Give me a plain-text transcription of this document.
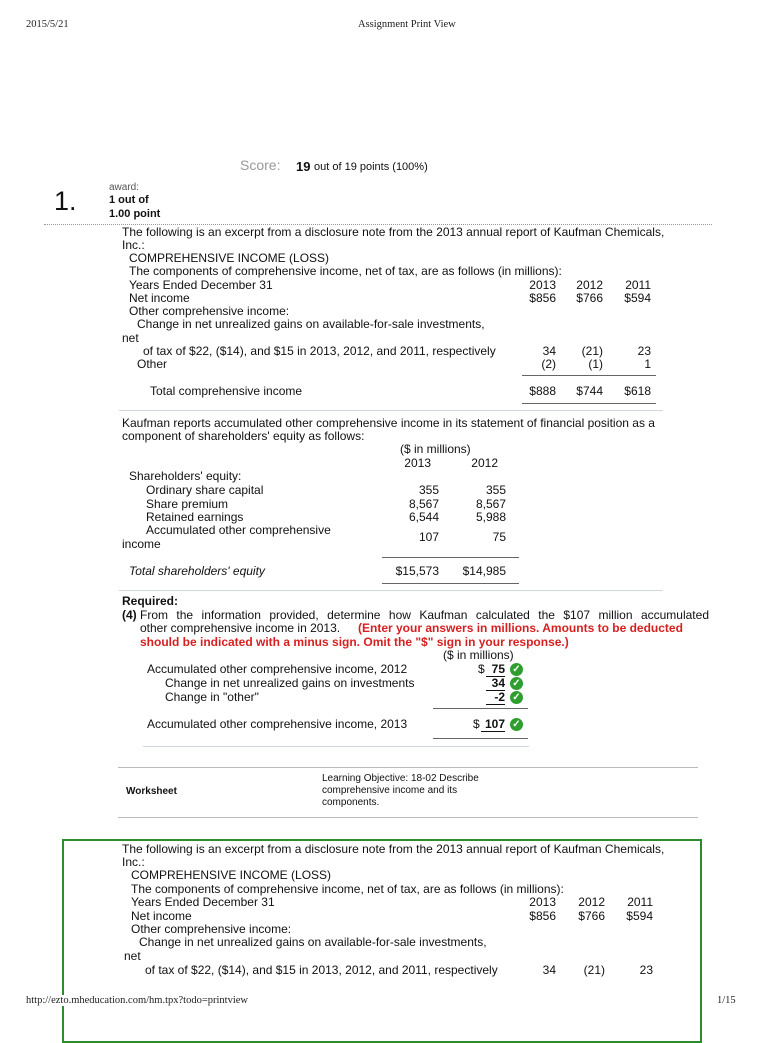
2015/5/21	Assignment Print View
Score: 19 out of 19 points (100%)
1.	award:
1 out of
1.00 point
The following is an excerpt from a disclosure note from the 2013 annual report of Kaufman Chemicals,
Inc.:
COMPREHENSIVE INCOME (LOSS)
The components of comprehensive income, net of tax, are as follows (in millions):
Years Ended December 31	2013	2012	2011
Net income	$856	$766	$594
Other comprehensive income:
Change in net unrealized gains on available-for-sale investments,
net
of tax of $22, ($14), and $15 in 2013, 2012, and 2011, respectively	34	(21)	23
Other	(2)	(1)	1
Total comprehensive income	$888	$744	$618
Kaufman reports accumulated other comprehensive income in its statement of financial position as a
component of shareholders' equity as follows:
($ in millions)
2013	2012
Shareholders' equity:
Ordinary share capital	355	355
Share premium	8,567	8,567
Retained earnings	6,544	5,988
Accumulated other comprehensive
income	107	75
Total shareholders' equity	$15,573	$14,985
Required:
(4) From the information provided, determine how Kaufman calculated the $107 million accumulated
other comprehensive income in 2013. (Enter your answers in millions. Amounts to be deducted
should be indicated with a minus sign. Omit the "$" sign in your response.)
($ in millions)
Accumulated other comprehensive income, 2012	$ 75 ✓
Change in net unrealized gains on investments	34 ✓
Change in "other"	-2 ✓
Accumulated other comprehensive income, 2013	$ 107 ✓
Worksheet
Learning Objective: 18-02 Describe
comprehensive income and its
components.
The following is an excerpt from a disclosure note from the 2013 annual report of Kaufman Chemicals,
Inc.:
COMPREHENSIVE INCOME (LOSS)
The components of comprehensive income, net of tax, are as follows (in millions):
Years Ended December 31	2013	2012	2011
Net income	$856	$766	$594
Other comprehensive income:
Change in net unrealized gains on available-for-sale investments,
net
of tax of $22, ($14), and $15 in 2013, 2012, and 2011, respectively	34	(21)	23
http://ezto.mheducation.com/hm.tpx?todo=printview	1/15
